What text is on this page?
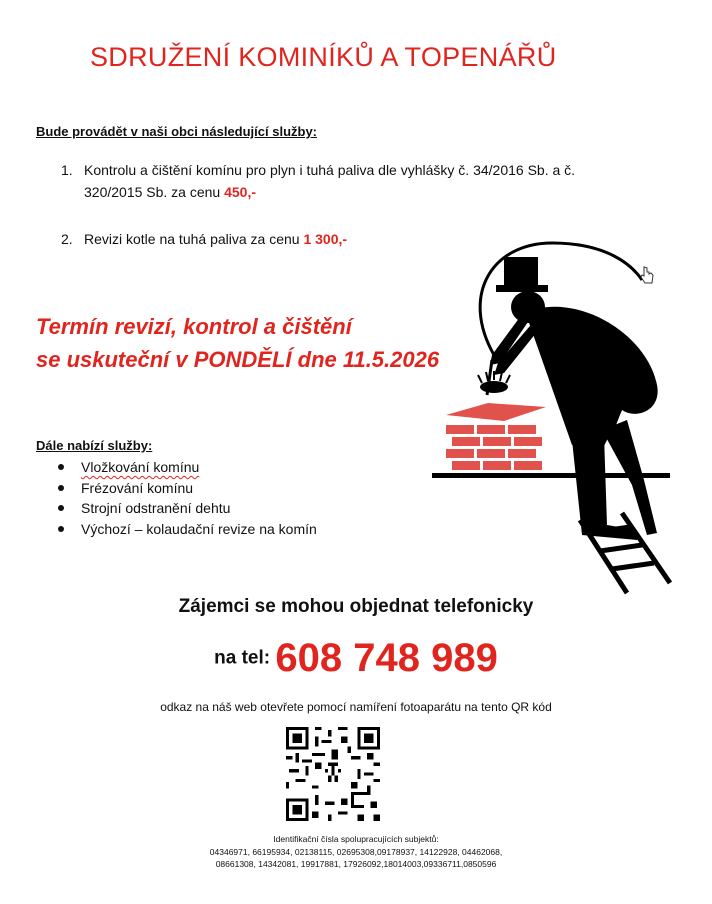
SDRUŽENÍ KOMINÍKŮ A TOPENÁŘŮ
Bude provádět v naši obci následující služby:
1. Kontrolu a čištění komínu pro plyn i tuhá paliva dle vyhlášky č. 34/2016 Sb. a č.
320/2015 Sb. za cenu 450,-
2. Revizi kotle na tuhá paliva za cenu 1 300,-
Termín revizí, kontrol a čištění
se uskuteční v PONDĚLÍ dne 11.5.2026
Dále nabízí služby:
Vložkování komínu
Frézování komínu
Strojní odstranění dehtu
Výchozí – kolaudační revize na komín
Zájemci se mohou objednat telefonicky
na tel: 608 748 989
odkaz na náš web otevřete pomocí namíření fotoaparátu na tento QR kód
Identifikační čísla spolupracujících subjektů:
04346971, 66195934, 02138115, 02695308,09178937, 14122928, 04462068,
08661308, 14342081, 19917881, 17926092,18014003,09336711,0850596
